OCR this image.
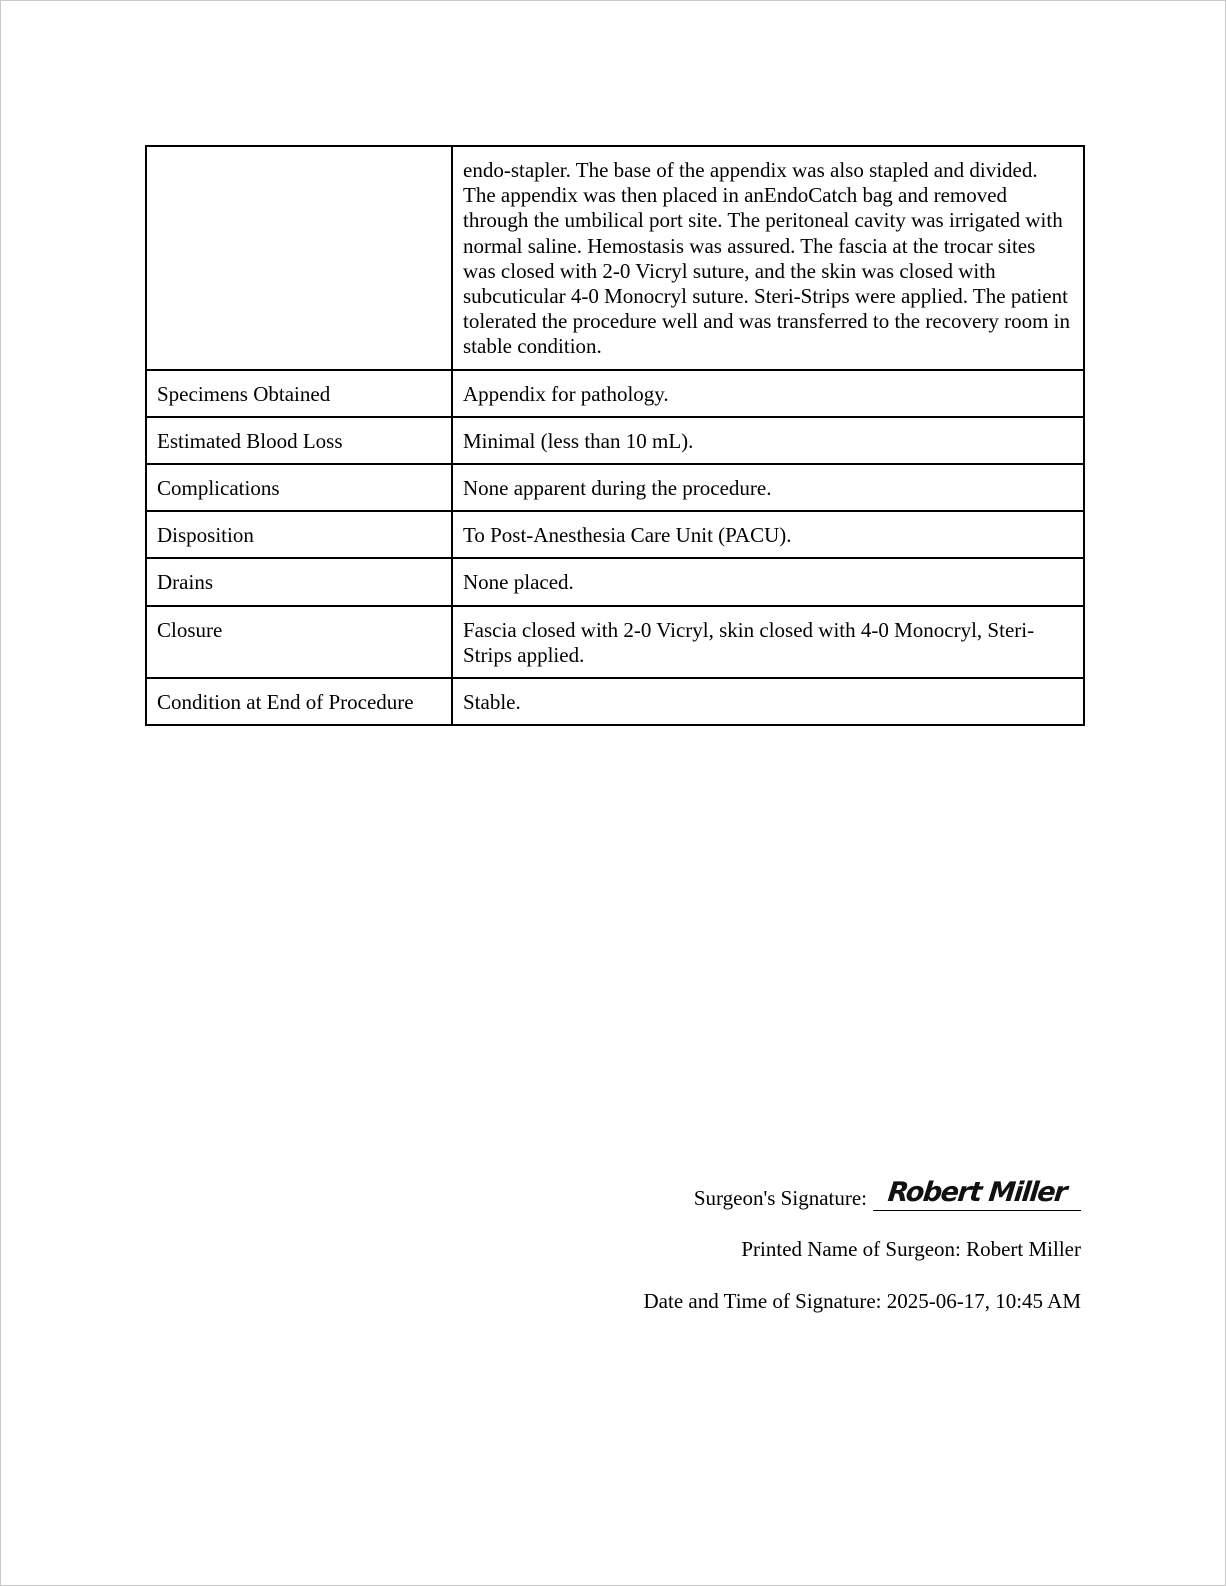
	endo-stapler. The base of the appendix was also stapled and divided. The appendix was then placed in anEndoCatch bag and removed through the umbilical port site. The peritoneal cavity was irrigated with normal saline. Hemostasis was assured. The fascia at the trocar sites was closed with 2-0 Vicryl suture, and the skin was closed with subcuticular 4-0 Monocryl suture. Steri-Strips were applied. The patient tolerated the procedure well and was transferred to the recovery room in stable condition.
Specimens Obtained	Appendix for pathology.
Estimated Blood Loss	Minimal (less than 10 mL).
Complications	None apparent during the procedure.
Disposition	To Post-Anesthesia Care Unit (PACU).
Drains	None placed.
Closure	Fascia closed with 2-0 Vicryl, skin closed with 4-0 Monocryl, Steri-Strips applied.
Condition at End of Procedure	Stable.
Surgeon's Signature: Robert Miller
Printed Name of Surgeon: Robert Miller
Date and Time of Signature: 2025-06-17, 10:45 AM
